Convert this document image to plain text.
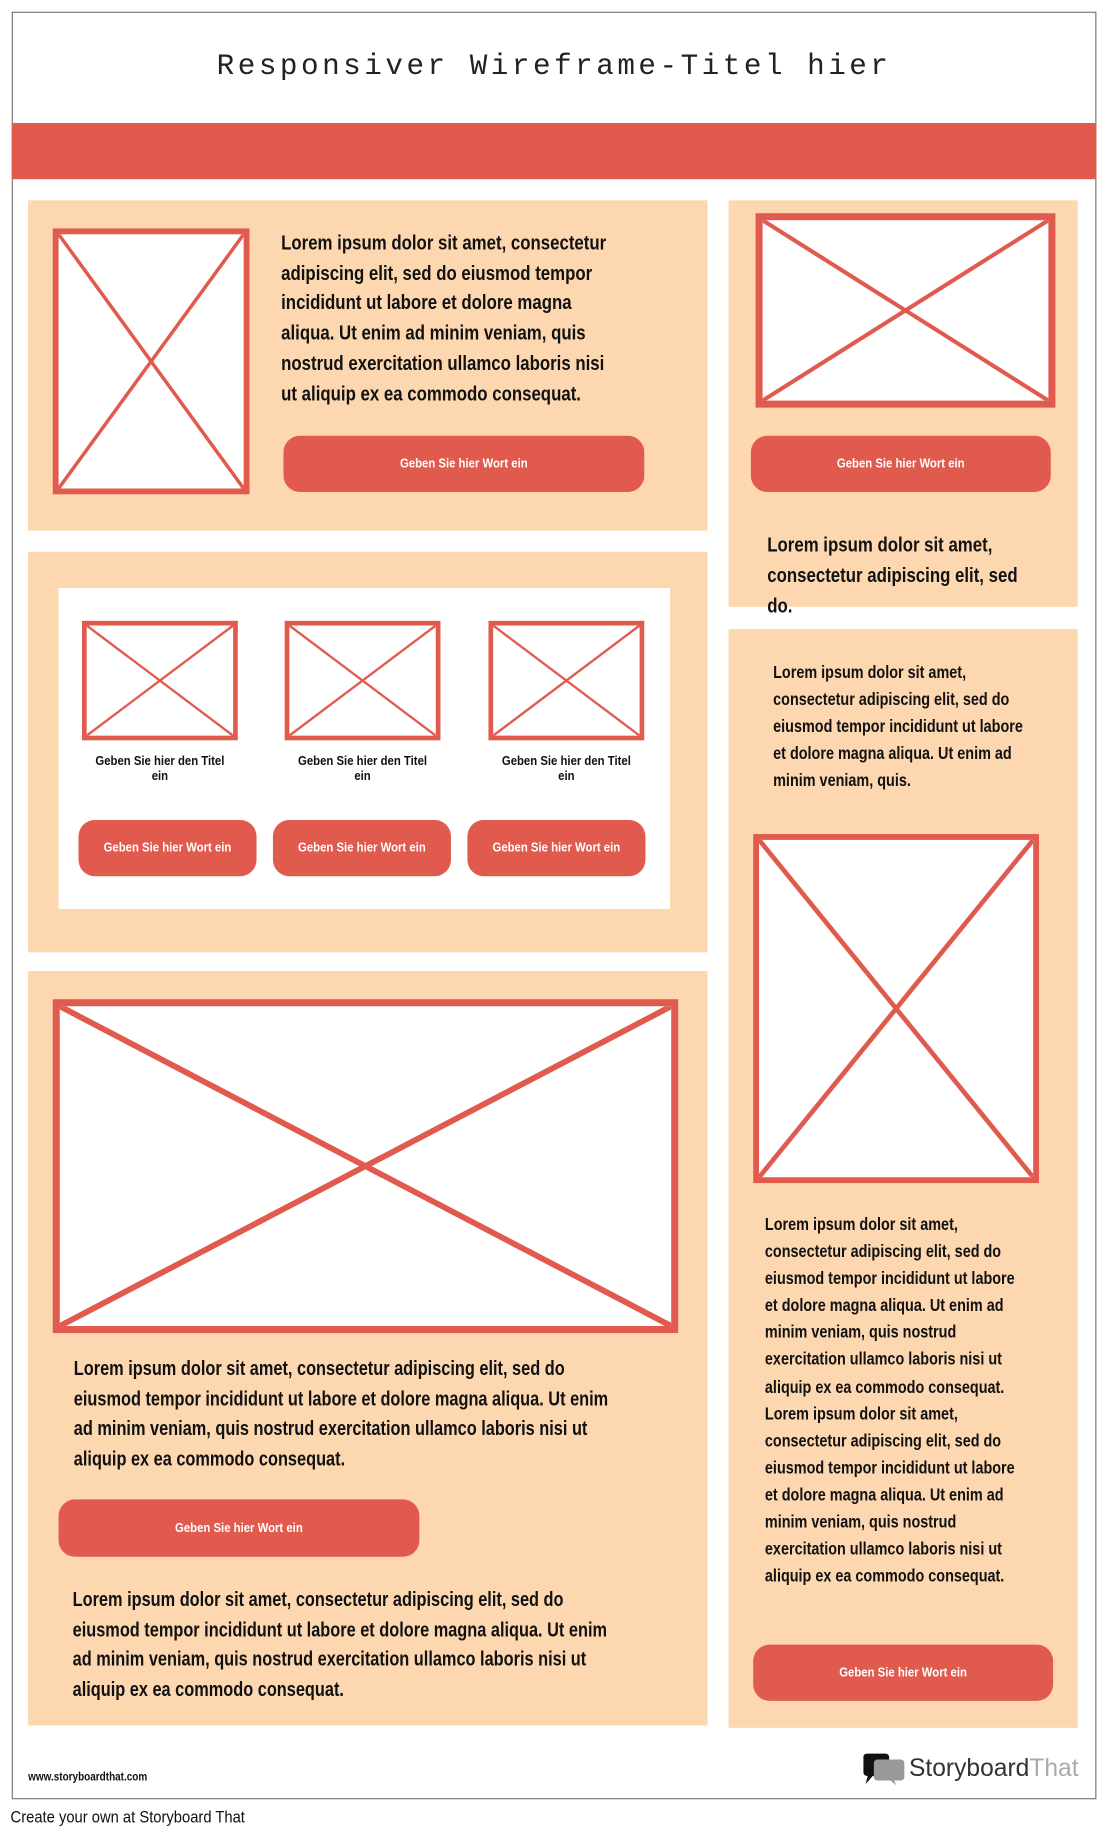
Responsiver Wireframe-Titel hier
Lorem ipsum dolor sit amet, consectetur
adipiscing elit, sed do eiusmod tempor
incididunt ut labore et dolore magna
aliqua. Ut enim ad minim veniam, quis
nostrud exercitation ullamco laboris nisi
ut aliquip ex ea commodo consequat.
Geben Sie hier Wort ein	Geben Sie hier Wort ein
Lorem ipsum dolor sit amet,
consectetur adipiscing elit, sed
do.
Geben Sie hier den Titel
ein
Geben Sie hier Wort ein
Geben Sie hier den Titel
ein
Geben Sie hier Wort ein
Geben Sie hier den Titel
ein
Geben Sie hier Wort ein
Lorem ipsum dolor sit amet, consectetur adipiscing elit, sed do
eiusmod tempor incididunt ut labore et dolore magna aliqua. Ut enim
ad minim veniam, quis nostrud exercitation ullamco laboris nisi ut
aliquip ex ea commodo consequat.
Geben Sie hier Wort ein
Lorem ipsum dolor sit amet, consectetur adipiscing elit, sed do
eiusmod tempor incididunt ut labore et dolore magna aliqua. Ut enim
ad minim veniam, quis nostrud exercitation ullamco laboris nisi ut
aliquip ex ea commodo consequat.
Lorem ipsum dolor sit amet,
consectetur adipiscing elit, sed do
eiusmod tempor incididunt ut labore
et dolore magna aliqua. Ut enim ad
minim veniam, quis.
Lorem ipsum dolor sit amet,
consectetur adipiscing elit, sed do
eiusmod tempor incididunt ut labore
et dolore magna aliqua. Ut enim ad
minim veniam, quis nostrud
exercitation ullamco laboris nisi ut
aliquip ex ea commodo consequat.
Lorem ipsum dolor sit amet,
consectetur adipiscing elit, sed do
eiusmod tempor incididunt ut labore
et dolore magna aliqua. Ut enim ad
minim veniam, quis nostrud
exercitation ullamco laboris nisi ut
aliquip ex ea commodo consequat.
Geben Sie hier Wort ein
www.storyboardthat.com	Storyboard That
Create your own at Storyboard That
